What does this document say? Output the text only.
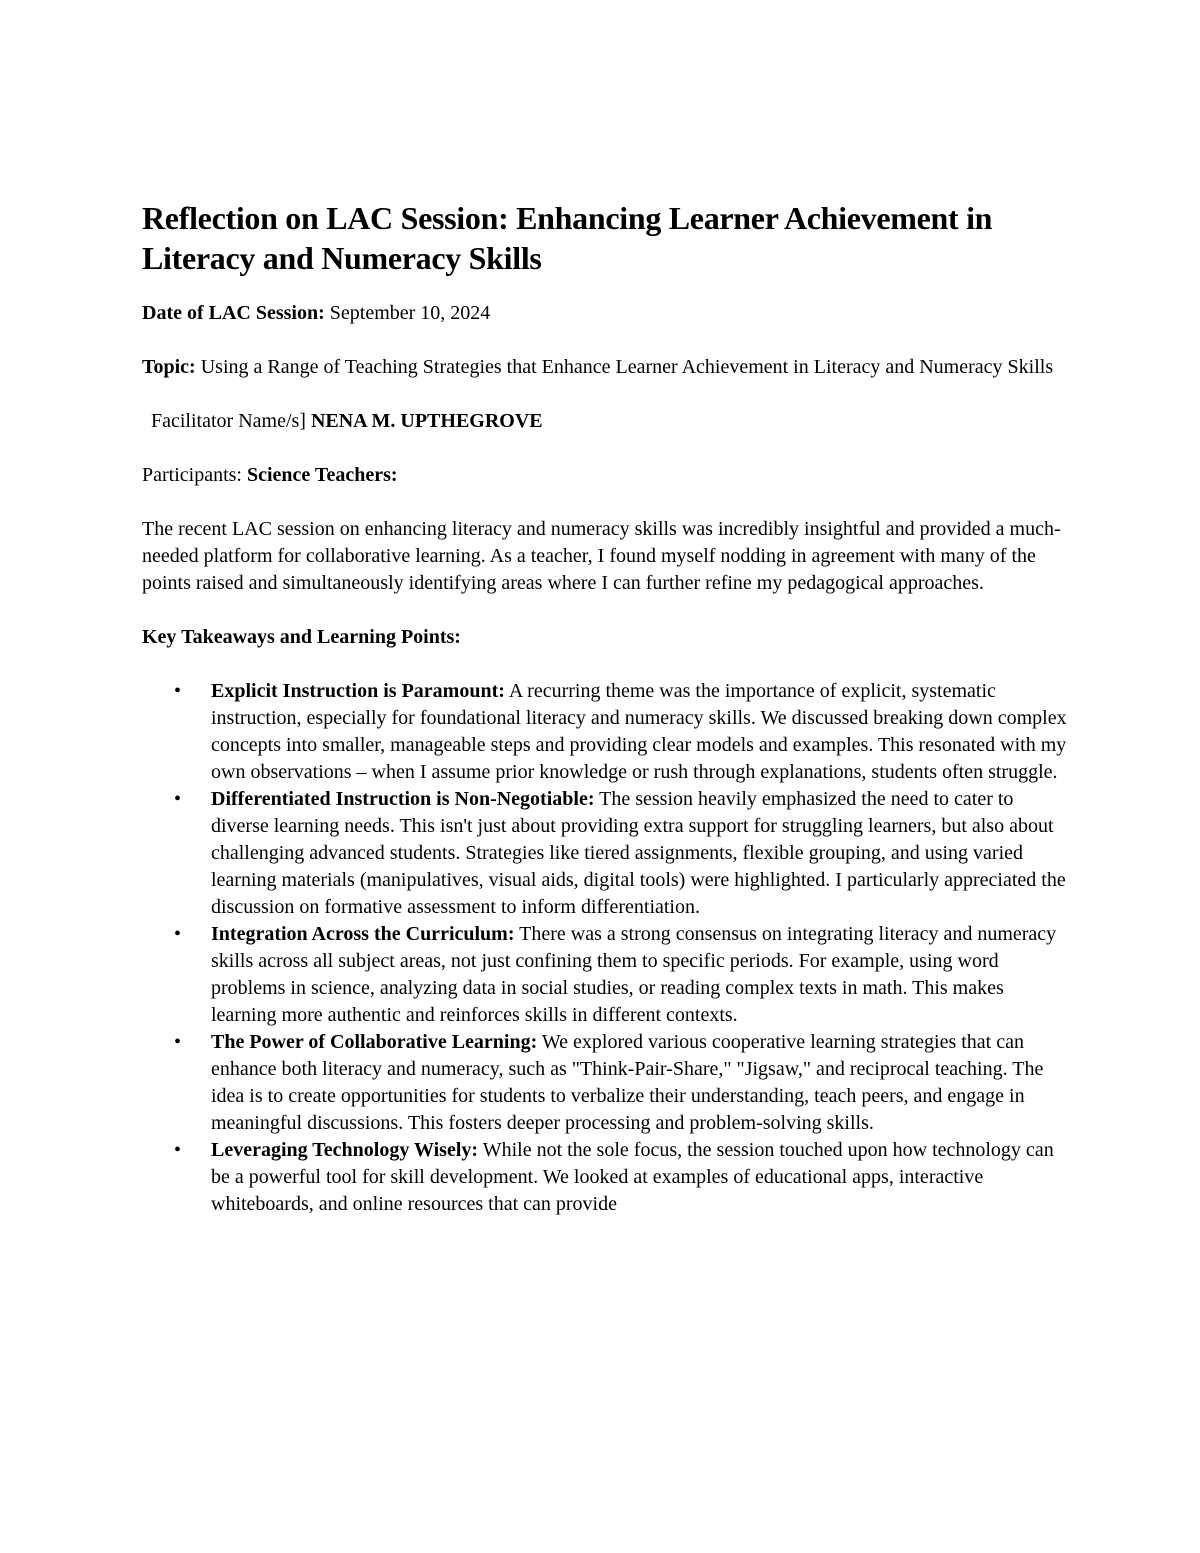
Reflection on LAC Session: Enhancing Learner Achievement in Literacy and Numeracy Skills

Date of LAC Session: September 10, 2024

Topic: Using a Range of Teaching Strategies that Enhance Learner Achievement in Literacy and Numeracy Skills

Facilitator Name/s] NENA M. UPTHEGROVE

Participants: Science Teachers:

The recent LAC session on enhancing literacy and numeracy skills was incredibly insightful and provided a much-needed platform for collaborative learning. As a teacher, I found myself nodding in agreement with many of the points raised and simultaneously identifying areas where I can further refine my pedagogical approaches.

Key Takeaways and Learning Points:

• Explicit Instruction is Paramount: A recurring theme was the importance of explicit, systematic instruction, especially for foundational literacy and numeracy skills. We discussed breaking down complex concepts into smaller, manageable steps and providing clear models and examples. This resonated with my own observations – when I assume prior knowledge or rush through explanations, students often struggle.
• Differentiated Instruction is Non-Negotiable: The session heavily emphasized the need to cater to diverse learning needs. This isn't just about providing extra support for struggling learners, but also about challenging advanced students. Strategies like tiered assignments, flexible grouping, and using varied learning materials (manipulatives, visual aids, digital tools) were highlighted. I particularly appreciated the discussion on formative assessment to inform differentiation.
• Integration Across the Curriculum: There was a strong consensus on integrating literacy and numeracy skills across all subject areas, not just confining them to specific periods. For example, using word problems in science, analyzing data in social studies, or reading complex texts in math. This makes learning more authentic and reinforces skills in different contexts.
• The Power of Collaborative Learning: We explored various cooperative learning strategies that can enhance both literacy and numeracy, such as "Think-Pair-Share," "Jigsaw," and reciprocal teaching. The idea is to create opportunities for students to verbalize their understanding, teach peers, and engage in meaningful discussions. This fosters deeper processing and problem-solving skills.
• Leveraging Technology Wisely: While not the sole focus, the session touched upon how technology can be a powerful tool for skill development. We looked at examples of educational apps, interactive whiteboards, and online resources that can provide
